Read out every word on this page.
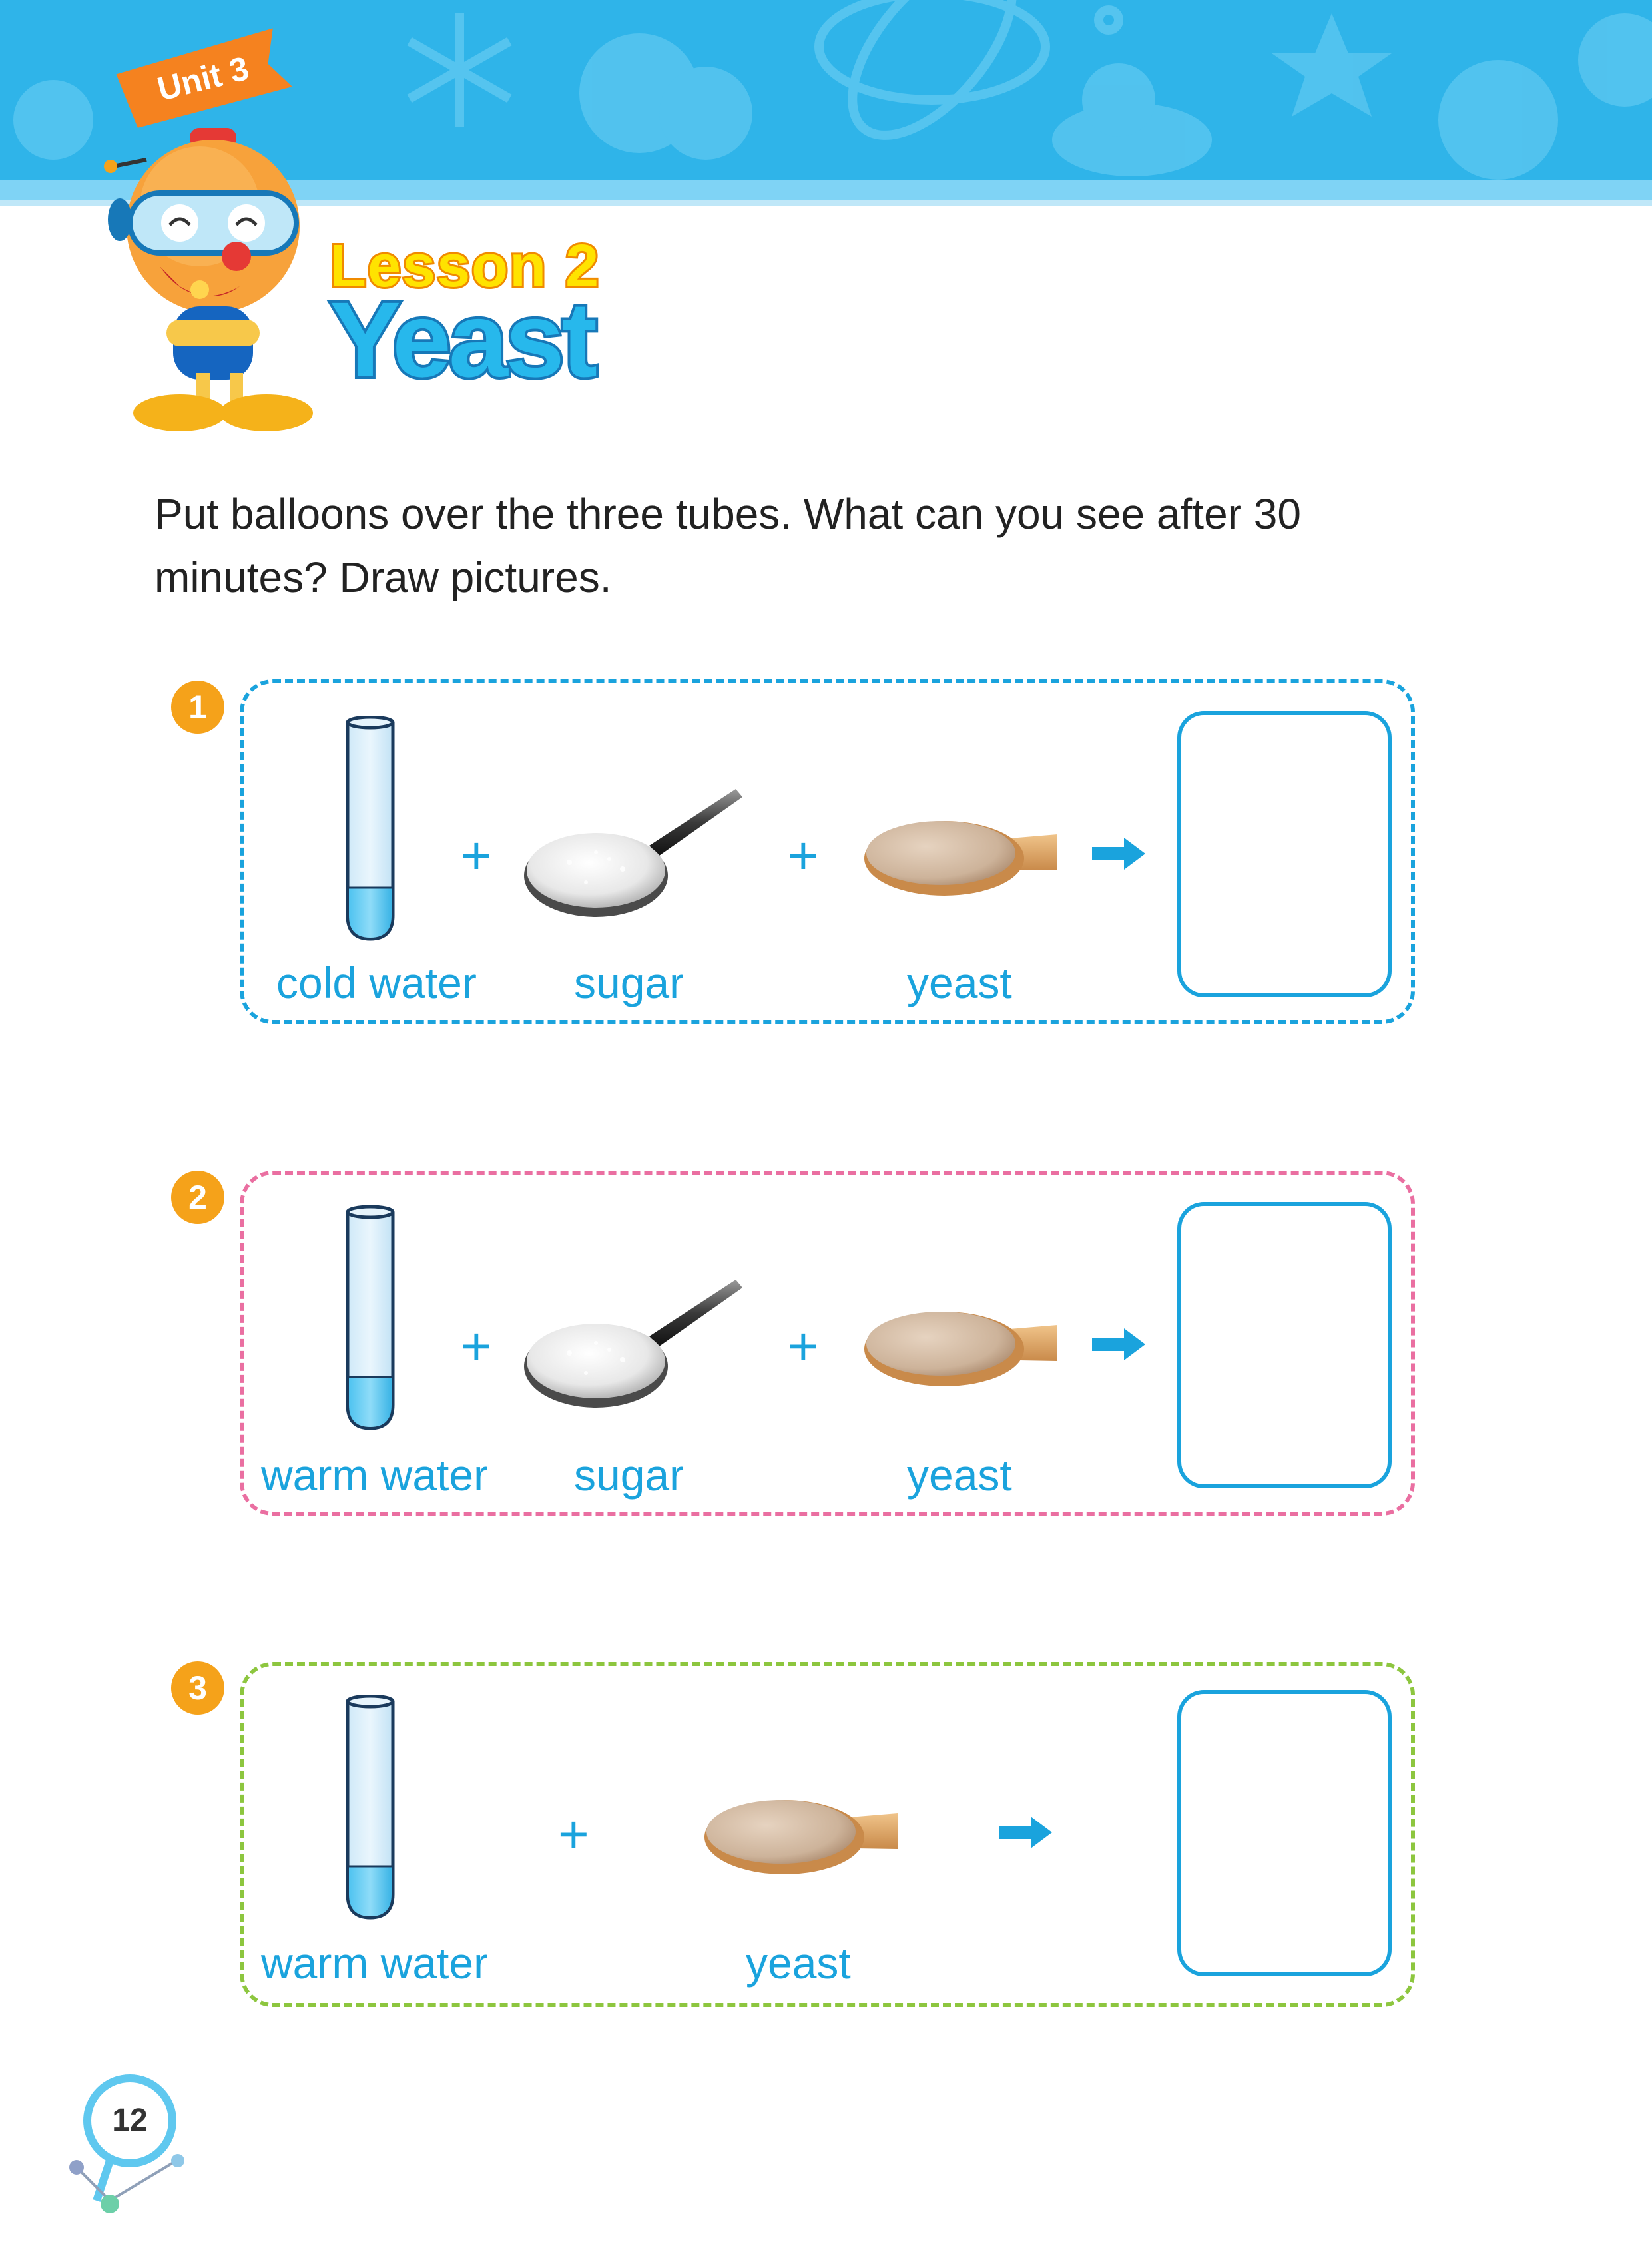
Unit 3
Lesson 2
Yeast
Put balloons over the three tubes. What can you see after 30 minutes? Draw pictures.
1
+	+
cold water sugar	yeast
2
+	+
warm water sugar	yeast
3
+
warm water	yeast
12
